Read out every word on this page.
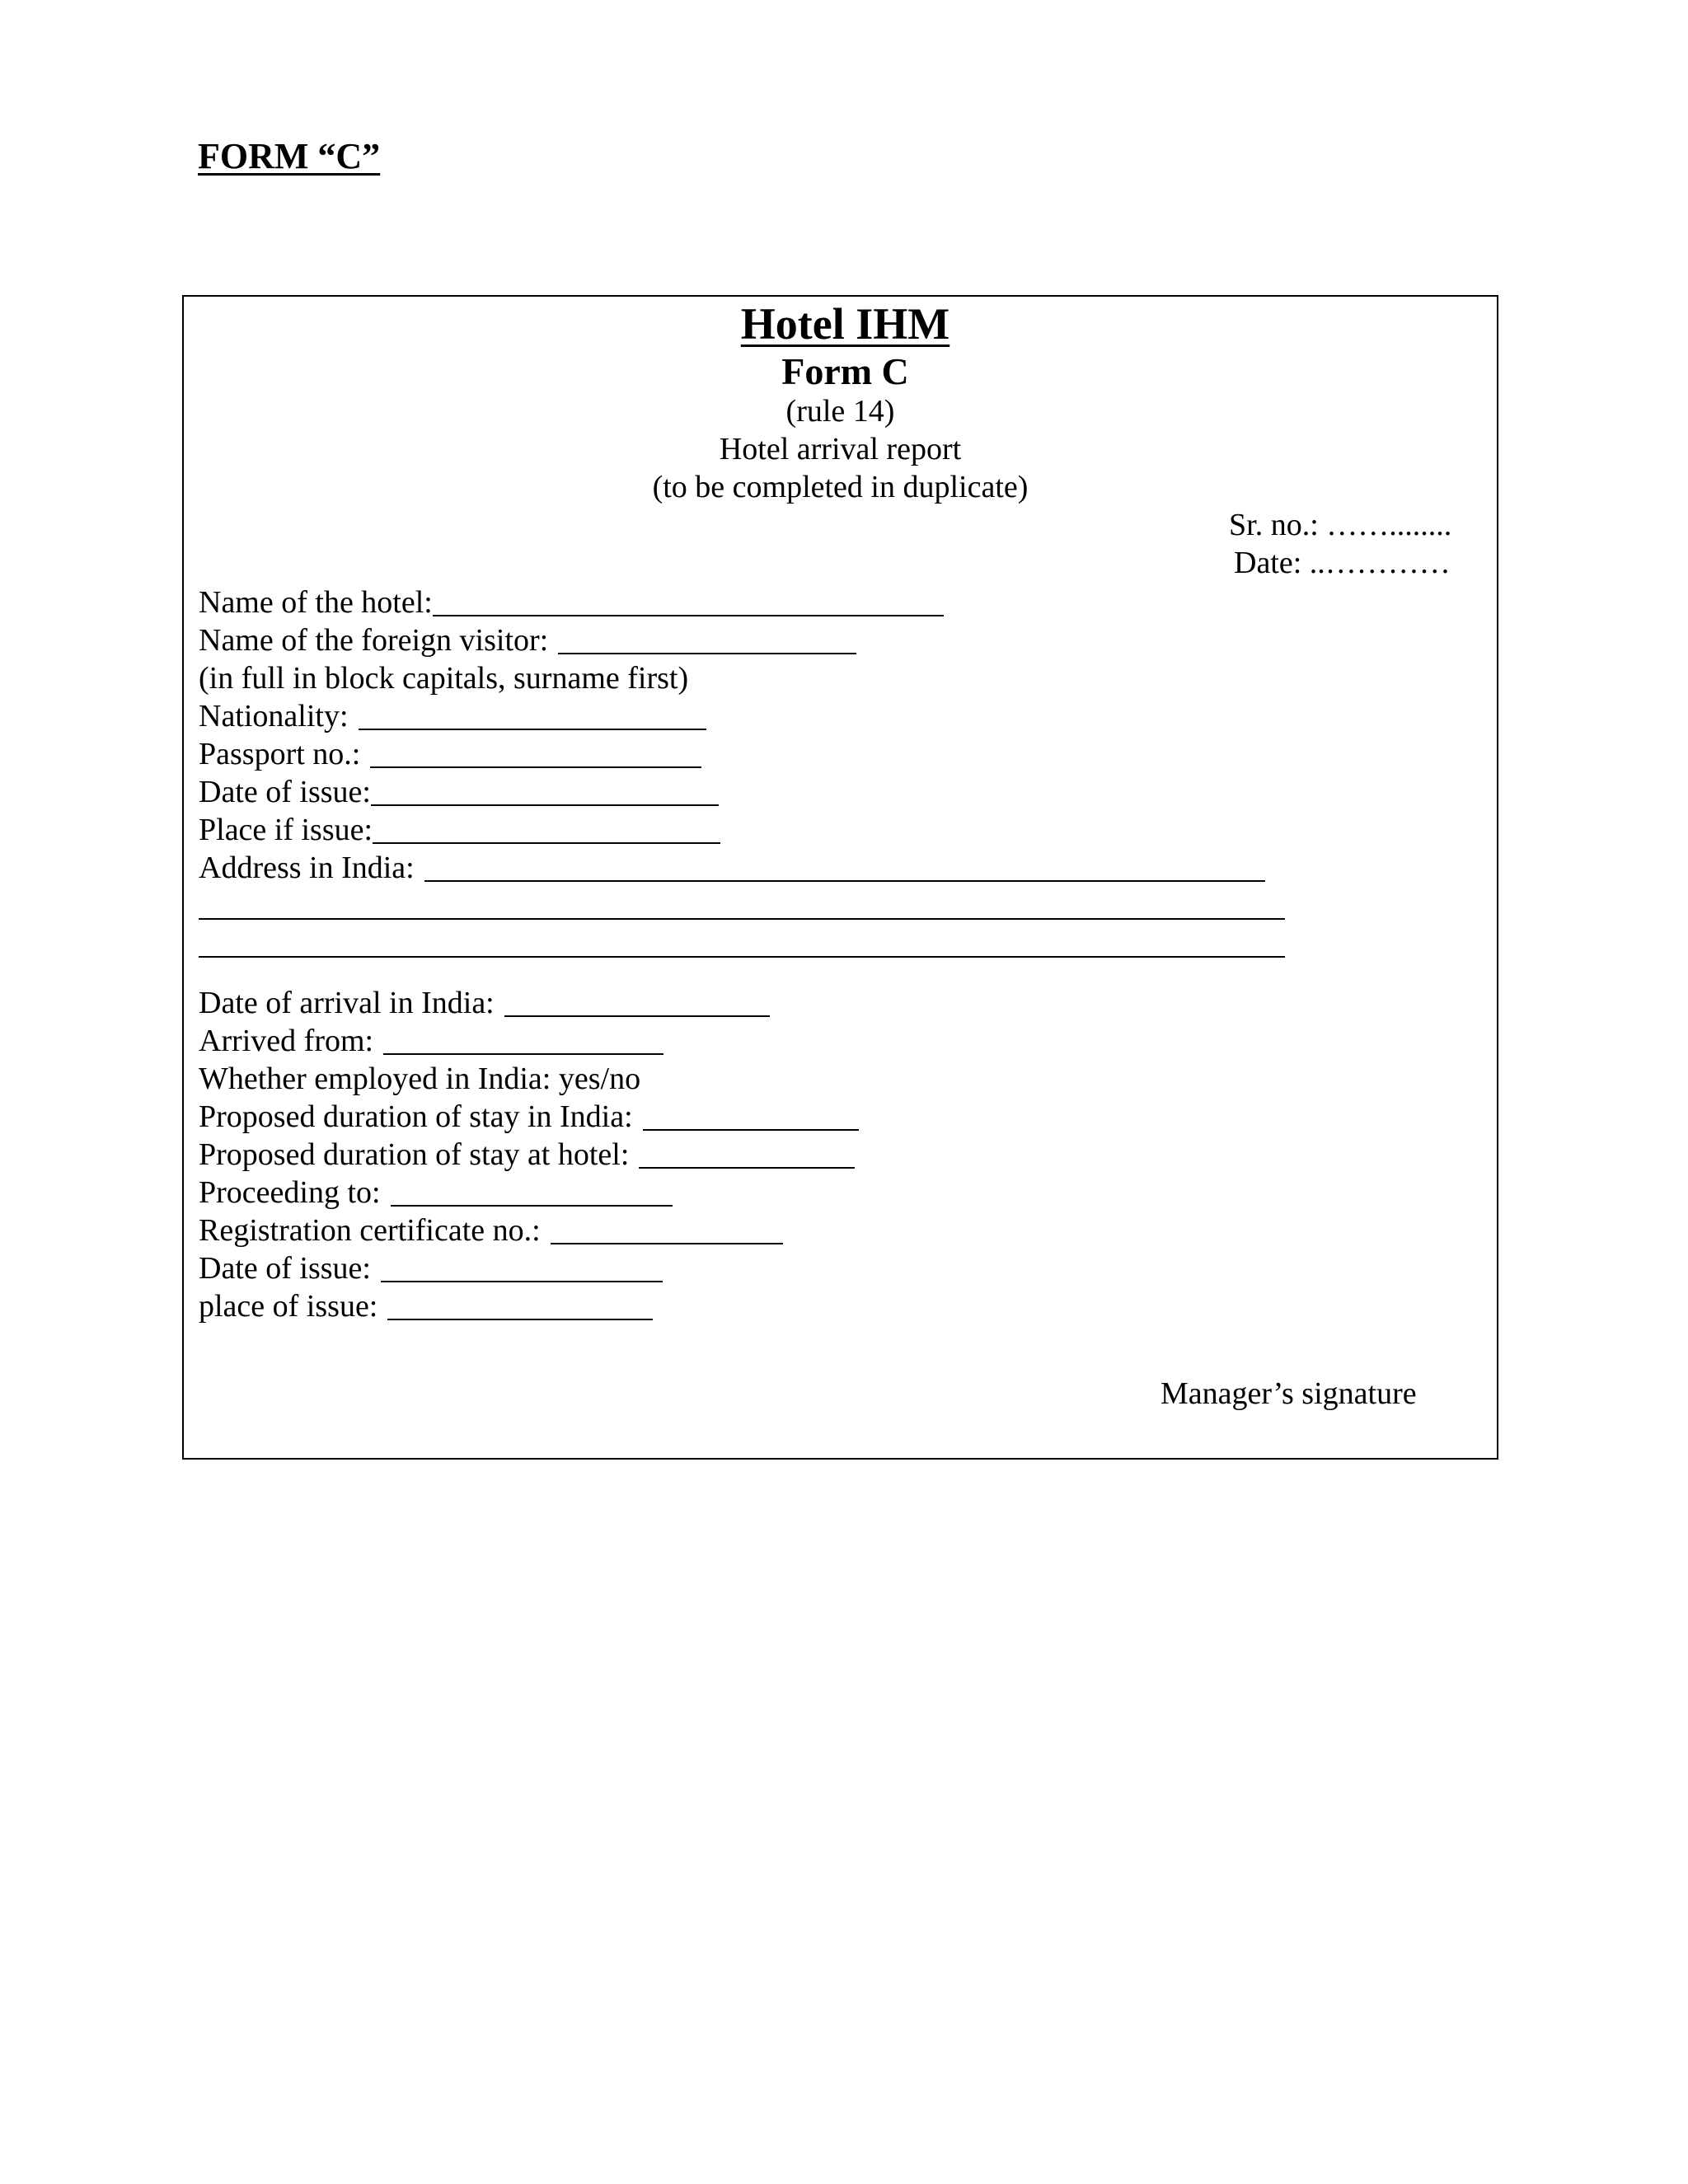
FORM “C”
Hotel IHM
Form C
(rule 14)
Hotel arrival report
(to be completed in duplicate)
Sr. no.: ……........
Date: ..…………
Name of the hotel:
Name of the foreign visitor:
(in full in block capitals, surname first)
Nationality:
Passport no.:
Date of issue:
Place if issue:
Address in India:
Date of arrival in India:
Arrived from:
Whether employed in India: yes/no
Proposed duration of stay in India:
Proposed duration of stay at hotel:
Proceeding to:
Registration certificate no.:
Date of issue:
place of issue:
Manager’s signature
